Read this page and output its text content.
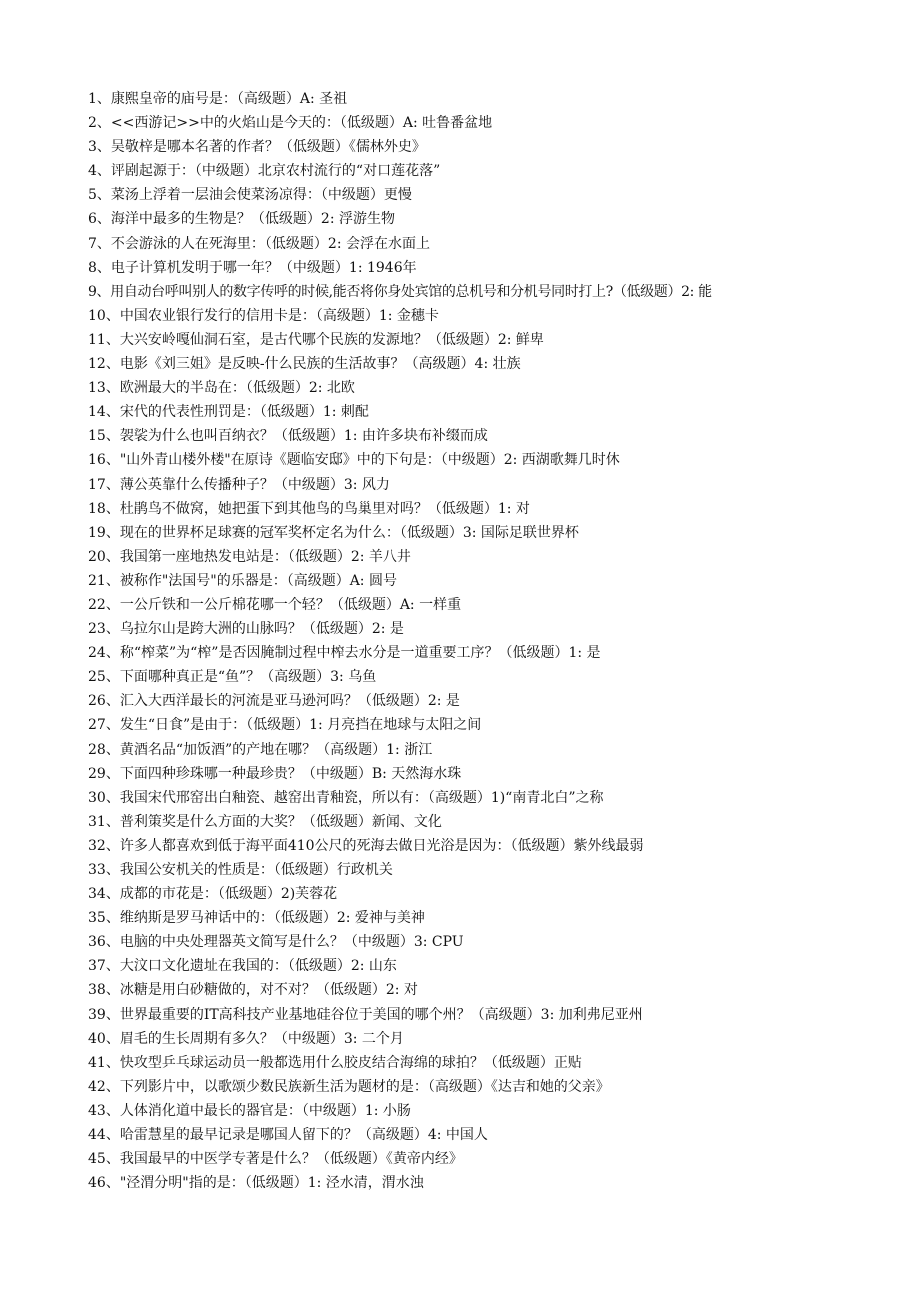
1、康熙皇帝的庙号是：（高级题）A: 圣祖
2、<<西游记>>中的火焰山是今天的：（低级题）A: 吐鲁番盆地
3、吴敬梓是哪本名著的作者？（低级题）《儒林外史》
4、评剧起源于：（中级题）北京农村流行的“对口莲花落”
5、菜汤上浮着一层油会使菜汤凉得：（中级题）更慢
6、海洋中最多的生物是？（低级题）2: 浮游生物
7、不会游泳的人在死海里：（低级题）2: 会浮在水面上
8、电子计算机发明于哪一年？（中级题）1: 1946年
9、用自动台呼叫别人的数字传呼的时候,能否将你身处宾馆的总机号和分机号同时打上?（低级题）2: 能
10、中国农业银行发行的信用卡是：（高级题）1: 金穗卡
11、大兴安岭嘎仙洞石室，是古代哪个民族的发源地？（低级题）2: 鲜卑
12、电影《刘三姐》是反映-什么民族的生活故事？（高级题）4: 壮族
13、欧洲最大的半岛在：（低级题）2: 北欧
14、宋代的代表性刑罚是：（低级题）1: 刺配
15、袈裟为什么也叫百纳衣？（低级题）1: 由许多块布补缀而成
16、"山外青山楼外楼"在原诗《题临安邸》中的下句是：（中级题）2: 西湖歌舞几时休
17、薄公英靠什么传播种子？（中级题）3: 风力
18、杜鹃鸟不做窝，她把蛋下到其他鸟的鸟巢里对吗？（低级题）1: 对
19、现在的世界杯足球赛的冠军奖杯定名为什么：（低级题）3: 国际足联世界杯
20、我国第一座地热发电站是：（低级题）2: 羊八井
21、被称作"法国号"的乐器是：（高级题）A: 圆号
22、一公斤铁和一公斤棉花哪一个轻？（低级题）A: 一样重
23、乌拉尔山是跨大洲的山脉吗？（低级题）2: 是
24、称“榨菜”为“榨”是否因腌制过程中榨去水分是一道重要工序？（低级题）1: 是
25、下面哪种真正是“鱼”？（高级题）3: 乌鱼
26、汇入大西洋最长的河流是亚马逊河吗？（低级题）2: 是
27、发生“日食”是由于：（低级题）1: 月亮挡在地球与太阳之间
28、黄酒名品“加饭酒”的产地在哪？（高级题）1: 浙江
29、下面四种珍珠哪一种最珍贵？（中级题）B: 天然海水珠
30、我国宋代邢窑出白釉瓷、越窑出青釉瓷，所以有：（高级题）1)“南青北白”之称
31、普利策奖是什么方面的大奖？（低级题）新闻、文化
32、许多人都喜欢到低于海平面410公尺的死海去做日光浴是因为：（低级题）紫外线最弱
33、我国公安机关的性质是：（低级题）行政机关
34、成都的市花是：（低级题）2)芙蓉花
35、维纳斯是罗马神话中的：（低级题）2: 爱神与美神
36、电脑的中央处理器英文简写是什么？（中级题）3: CPU
37、大汶口文化遗址在我国的：（低级题）2: 山东
38、冰糖是用白砂糖做的，对不对？（低级题）2: 对
39、世界最重要的IT高科技产业基地硅谷位于美国的哪个州？（高级题）3: 加利弗尼亚州
40、眉毛的生长周期有多久？（中级题）3: 二个月
41、快攻型乒乓球运动员一般都选用什么胶皮结合海绵的球拍？（低级题）正贴
42、下列影片中，以歌颂少数民族新生活为题材的是：（高级题）《达吉和她的父亲》
43、人体消化道中最长的器官是：（中级题）1: 小肠
44、哈雷慧星的最早记录是哪国人留下的？（高级题）4: 中国人
45、我国最早的中医学专著是什么？（低级题）《黄帝内经》
46、"泾渭分明"指的是：（低级题）1: 泾水清，渭水浊
